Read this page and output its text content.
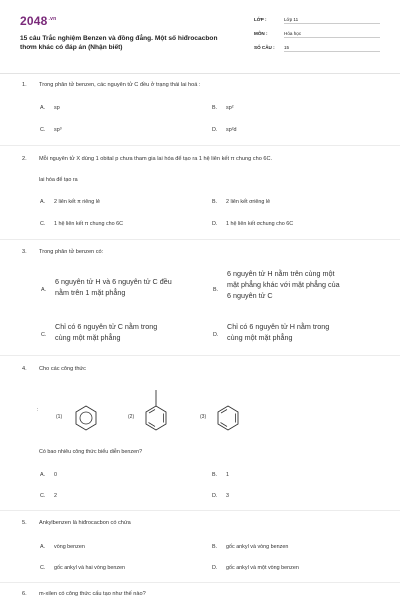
$2048^{.vn}$
15 câu Trắc nghiệm Benzen và đồng đẳng. Một số hiđrocacbon thơm khác có đáp án (Nhận biết)
LỚP :	Lớp 11
MÔN :	Hóa học
SỐ CÂU : 15
1. Trong phân tử benzen, các nguyên tử C đều ở trạng thái lai hoá :
A. sp	B. sp²
C. sp³	D. sp²d
2. Mỗi nguyên tử X dùng 1 obital p chưa tham gia lai hóa để tạo ra 1 hệ liên kết π chung cho 6C.
lai hóa để tạo ra
A. 2 liên kết π riêng lẻ	B. 2 liên kết σriêng lẻ
C. 1 hệ liên kết π chung cho 6C	D. 1 hệ liên kết σchung cho 6C
3. Trong phân tử benzen có:
A.
6 nguyên tử H và 6 nguyên tử C đều
nằm trên 1 mặt phẳng	B.
6 nguyên tử H nằm trên cùng một
mặt phẳng khác với mặt phẳng của
6 nguyên tử C
C.
Chỉ có 6 nguyên tử C nằm trong
cùng một mặt phẳng	D.
Chỉ có 6 nguyên tử H nằm trong
cùng một mặt phẳng
4. Cho các công thức
:
(1)	(2)	(3)
Có bao nhiêu công thức biểu diễn benzen?
A. 0	B. 1
C. 2	D. 3
5. Ankylbenzen là hiđrocacbon có chứa
A. vòng benzen	B. gốc ankyl và vòng benzen
C. gốc ankyl và hai vòng benzen	D. gốc ankyl và một vòng benzen
6. m-xilen có công thức cấu tạo như thế nào?
